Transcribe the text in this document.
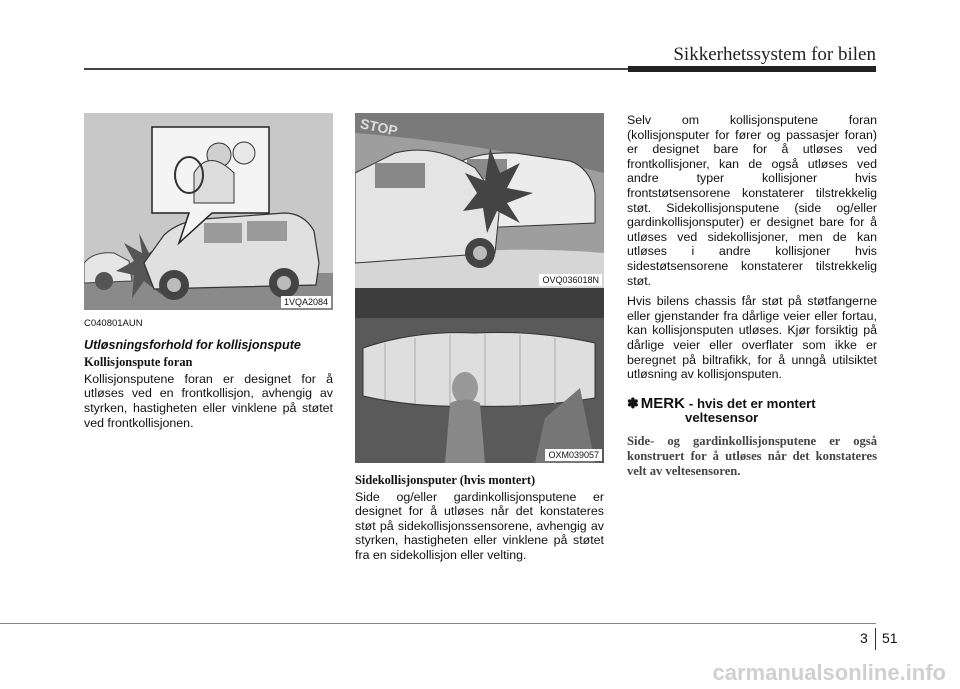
Sikkerhetssystem for bilen
1VQA2084
STOP
OVQ036018N
OXM039057
C040801AUN
Utløsningsforhold for kollisjonspute
Kollisjonspute foran

Kollisjonsputene foran er designet for å utløses ved en frontkollisjon, avhengig av styrken, hastigheten eller vinklene på støtet ved frontkollisjonen.

Sidekollisjonsputer (hvis montert)

Side og/eller gardinkollisjonsputene er designet for å utløses når det konstateres støt på sidekollisjonssensorene, avhengig av styrken, hastigheten eller vinklene på støtet fra en sidekollisjon eller velting.

Selv om kollisjonsputene foran (kollisjonsputer for fører og passasjer foran) er designet bare for å utløses ved frontkollisjoner, kan de også utløses ved andre typer kollisjoner hvis frontstøtsensorene konstaterer tilstrekkelig støt. Sidekollisjonsputene (side og/eller gardinkollisjonsputer) er designet bare for å utløses ved sidekollisjoner, men de kan utløses i andre kollisjoner hvis sidestøtsensorene konstaterer tilstrekkelig støt.

Hvis bilens chassis får støt på støtfangerne eller gjenstander fra dårlige veier eller fortau, kan kollisjonsputen utløses. Kjør forsiktig på dårlige veier eller overflater som ikke er beregnet på biltrafikk, for å unngå utilsiktet utløsning av kollisjonsputen.

✽ MERK - hvis det er montert
veltesensor
Side- og gardinkollisjonsputene er også konstruert for å utløses når det konstateres velt av veltesensoren.
3 51
carmanualsonline.info
